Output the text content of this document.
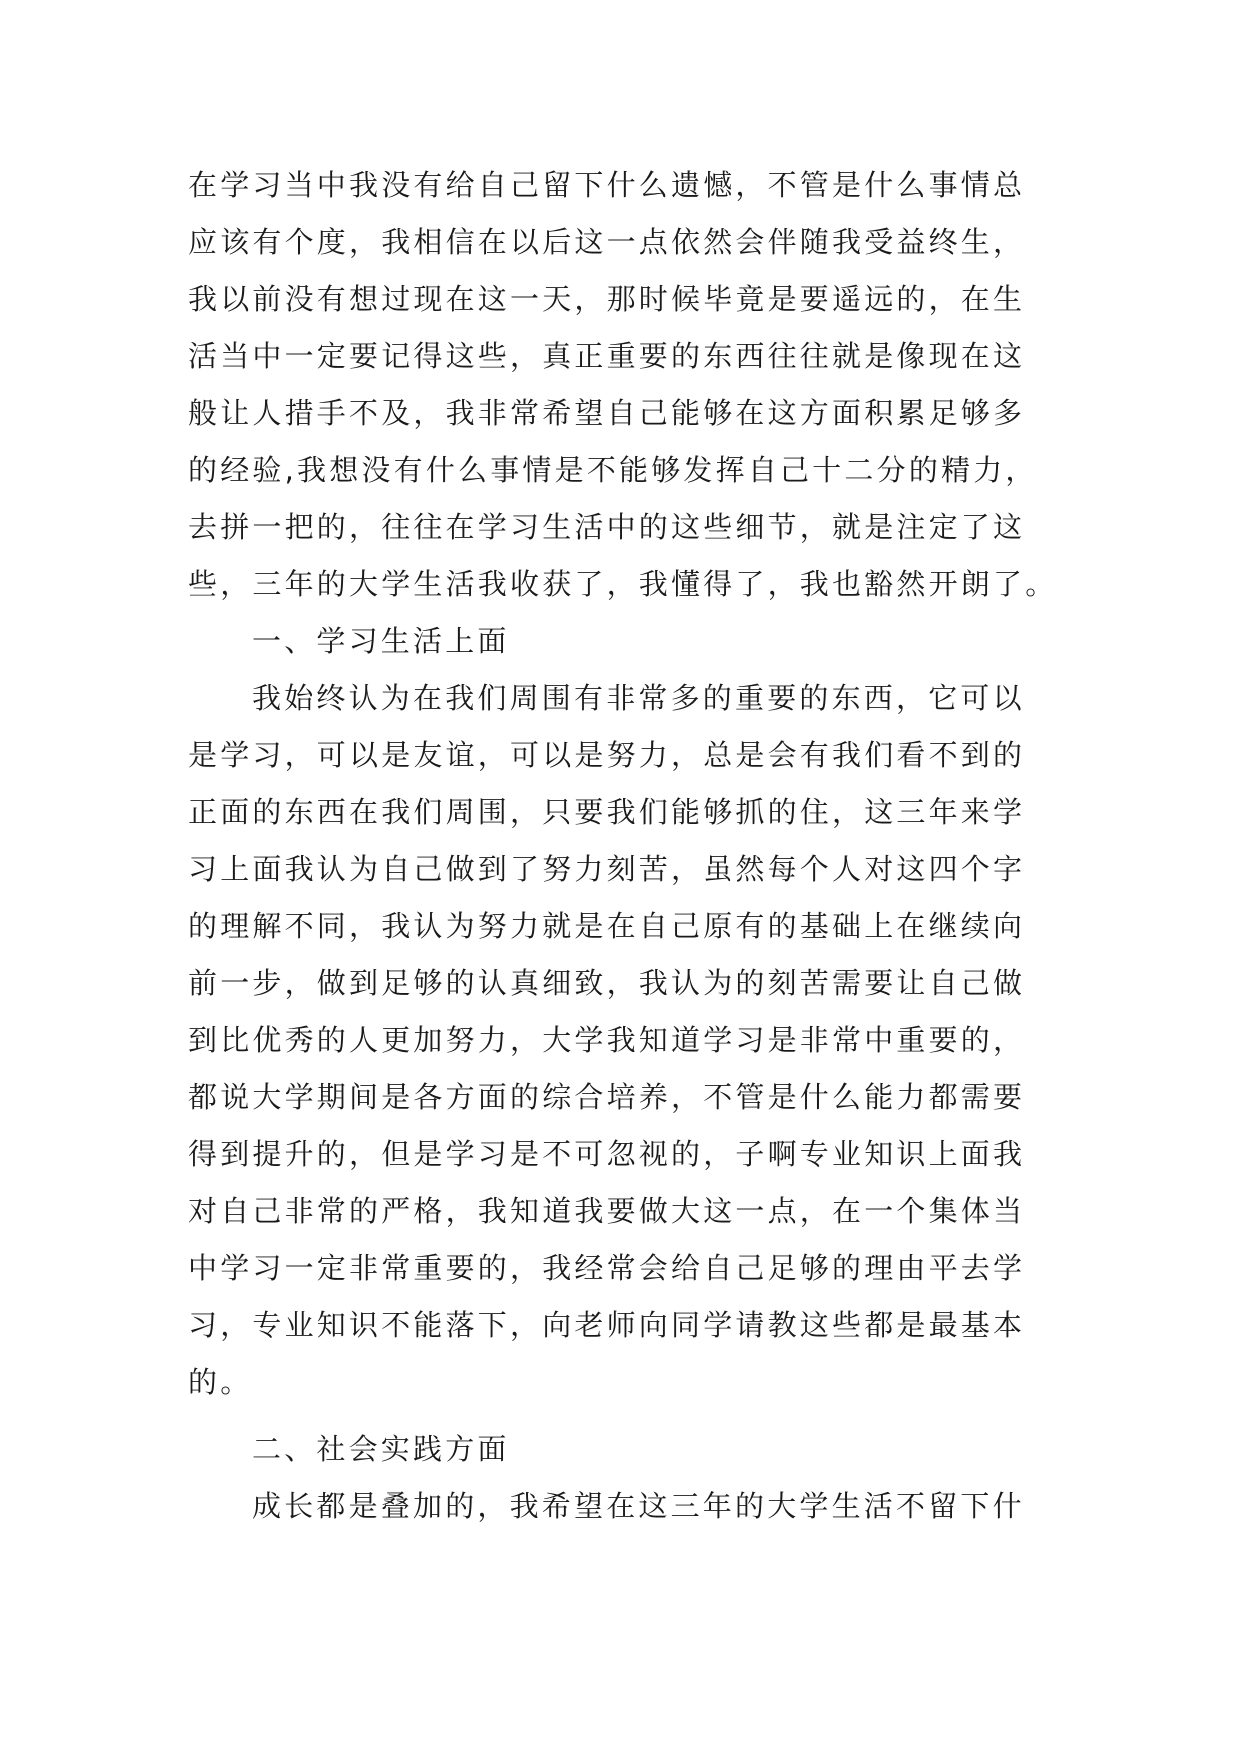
在学习当中我没有给自己留下什么遗憾，不管是什么事情总
应该有个度，我相信在以后这一点依然会伴随我受益终生，
我以前没有想过现在这一天，那时候毕竟是要遥远的，在生
活当中一定要记得这些，真正重要的东西往往就是像现在这
般让人措手不及，我非常希望自己能够在这方面积累足够多
的经验,我想没有什么事情是不能够发挥自己十二分的精力，
去拼一把的，往往在学习生活中的这些细节，就是注定了这
些，三年的大学生活我收获了，我懂得了，我也豁然开朗了。
一、学习生活上面
我始终认为在我们周围有非常多的重要的东西，它可以
是学习，可以是友谊，可以是努力，总是会有我们看不到的
正面的东西在我们周围，只要我们能够抓的住，这三年来学
习上面我认为自己做到了努力刻苦，虽然每个人对这四个字
的理解不同，我认为努力就是在自己原有的基础上在继续向
前一步，做到足够的认真细致，我认为的刻苦需要让自己做
到比优秀的人更加努力，大学我知道学习是非常中重要的，
都说大学期间是各方面的综合培养，不管是什么能力都需要
得到提升的，但是学习是不可忽视的，子啊专业知识上面我
对自己非常的严格，我知道我要做大这一点，在一个集体当
中学习一定非常重要的，我经常会给自己足够的理由平去学
习，专业知识不能落下，向老师向同学请教这些都是最基本
的。
二、社会实践方面
成长都是叠加的，我希望在这三年的大学生活不留下什
